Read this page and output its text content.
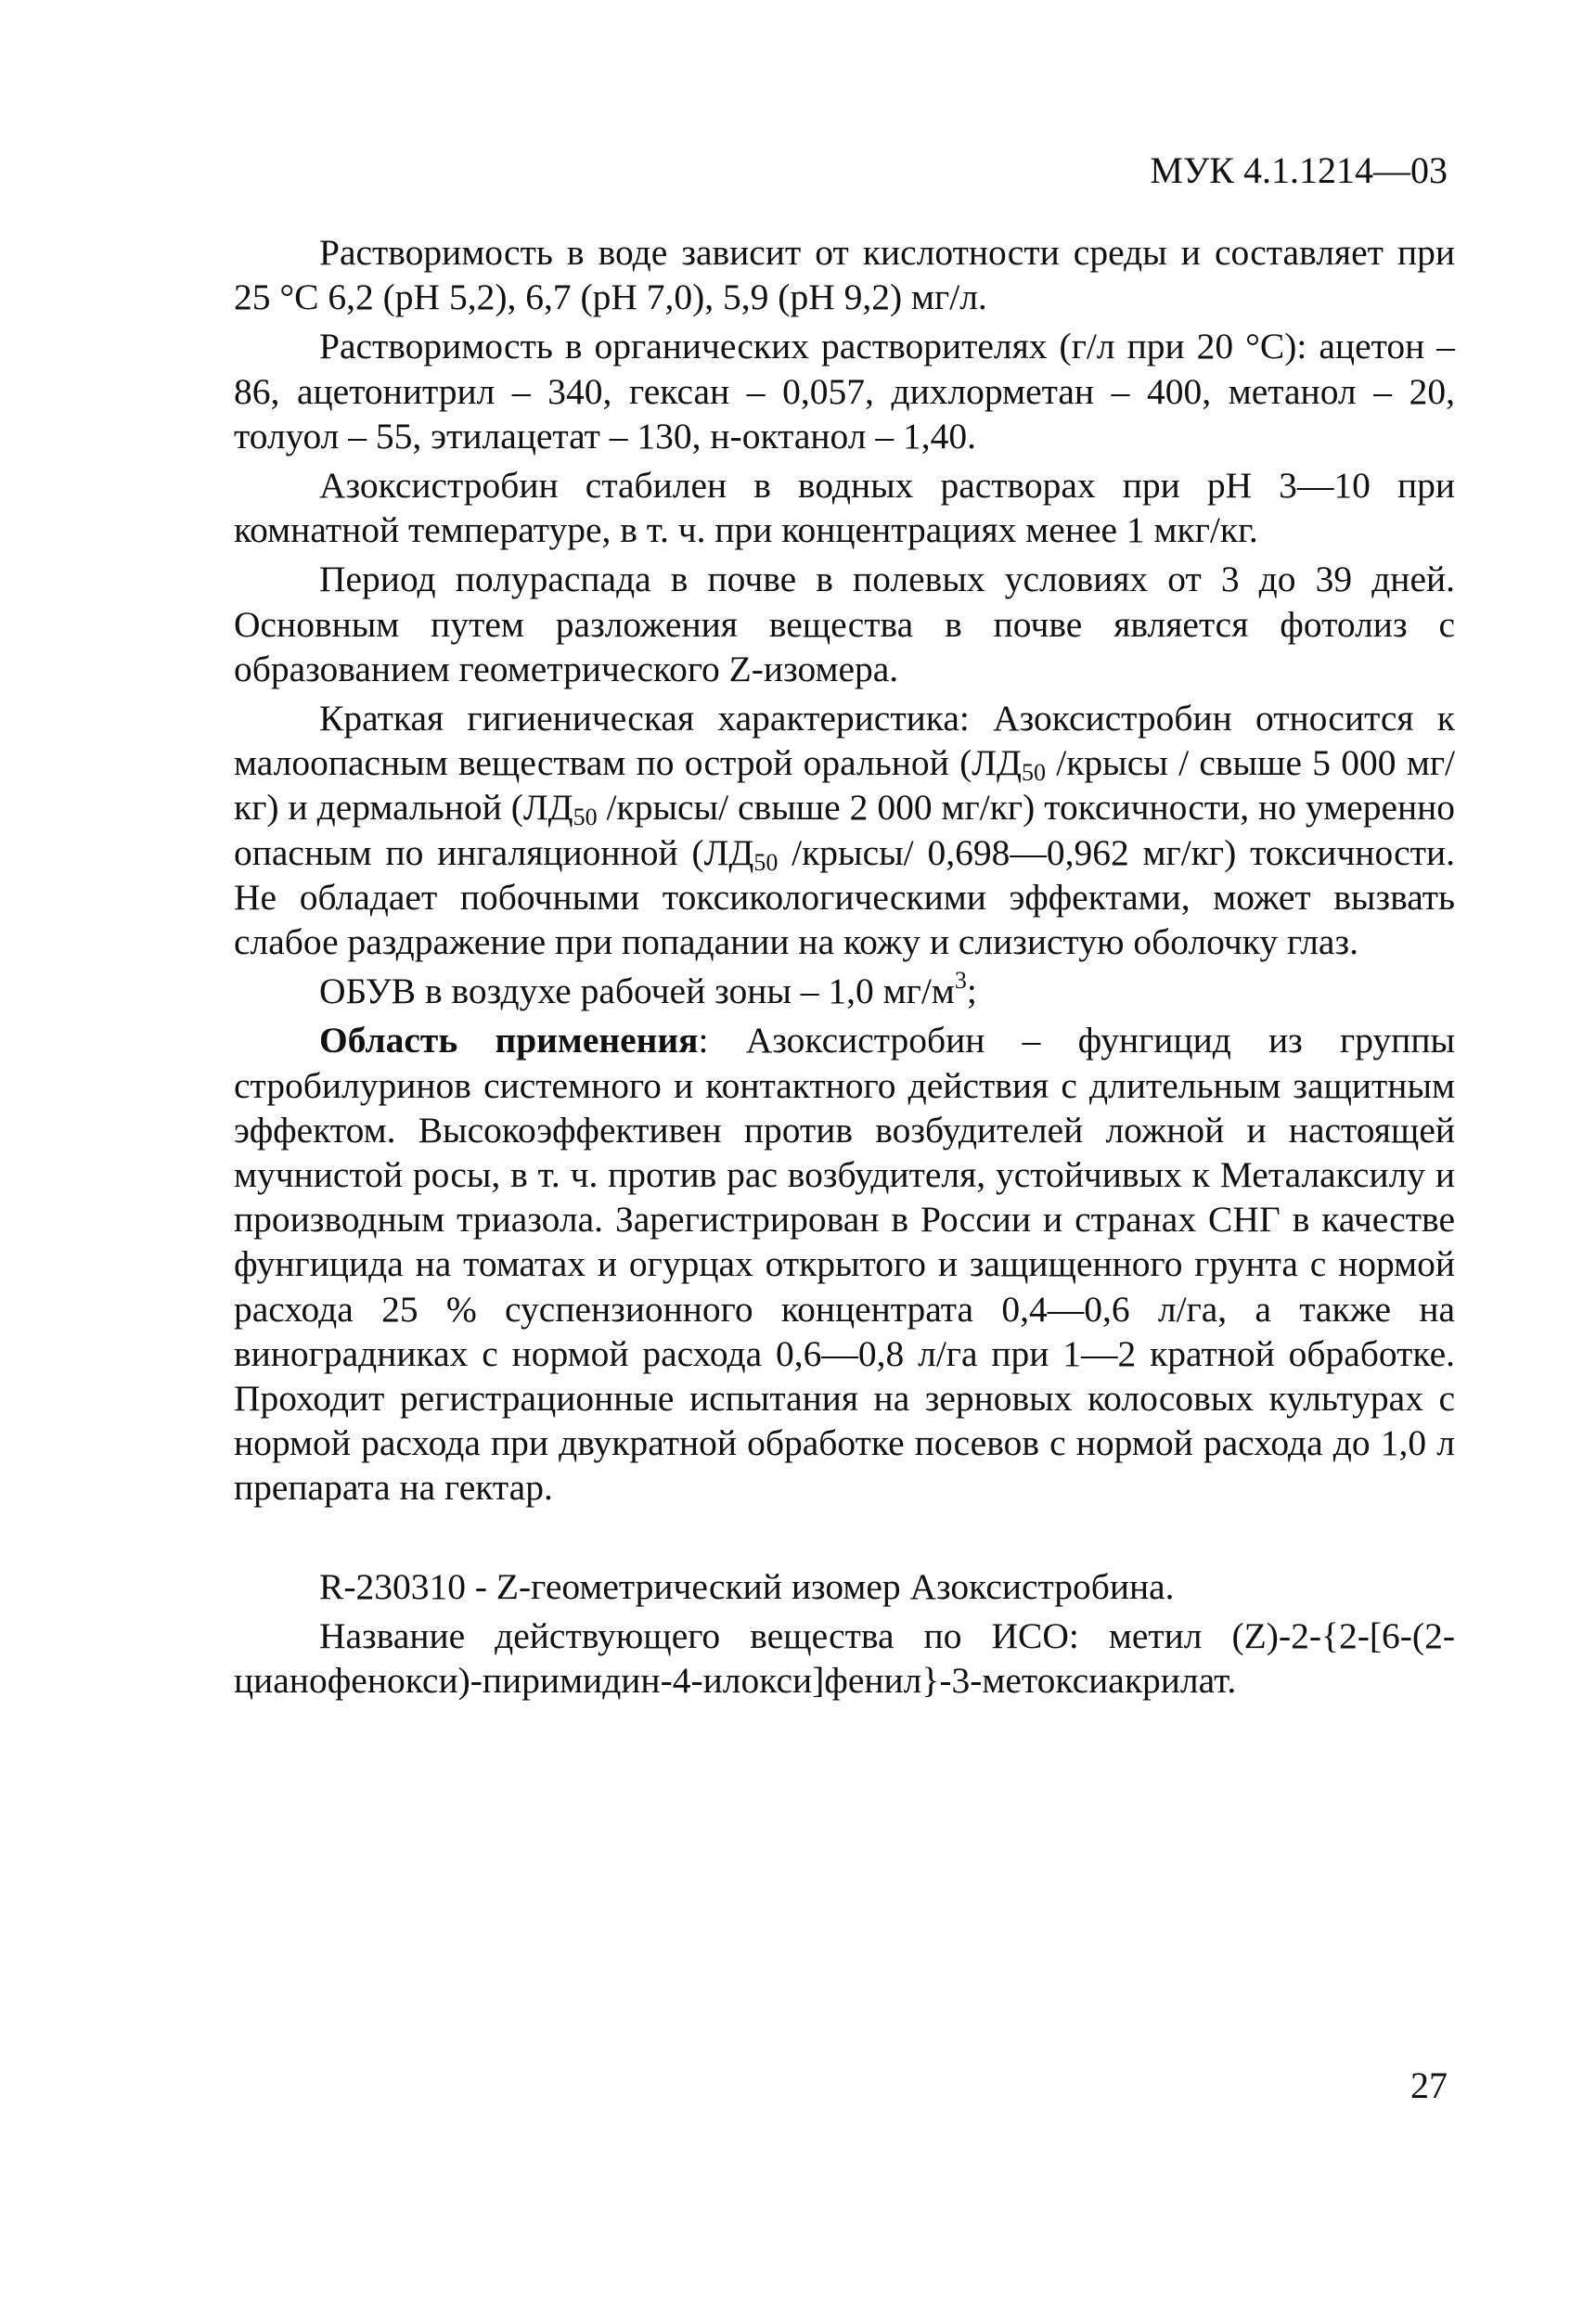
МУК 4.1.1214—03

Растворимость в воде зависит от кислотности среды и составляет при 25 °С 6,2 (pH 5,2), 6,7 (pH 7,0), 5,9 (pH 9,2) мг/л.

Растворимость в органических растворителях (г/л при 20 °С): ацетон – 86, ацетонитрил – 340, гексан – 0,057, дихлорметан – 400, метанол – 20, толуол – 55, этилацетат – 130, н-октанол – 1,40.

Азоксистробин стабилен в водных растворах при pH 3—10 при комнатной температуре, в т. ч. при концентрациях менее 1 мкг/кг.

Период полураспада в почве в полевых условиях от 3 до 39 дней. Основным путем разложения вещества в почве является фотолиз с образованием геометрического Z-изомера.

Краткая гигиеническая характеристика: Азоксистробин относится к малоопасным веществам по острой оральной ($ЛД_{50}$ /крысы / свыше 5 000 мг/кг) и дермальной ($ЛД_{50}$ /крысы/ свыше 2 000 мг/кг) токсичности, но умеренно опасным по ингаляционной ($ЛД_{50}$ /крысы/ 0,698—0,962 мг/кг) токсичности. Не обладает побочными токсикологическими эффектами, может вызвать слабое раздражение при попадании на кожу и слизистую оболочку глаз.

ОБУВ в воздухе рабочей зоны – 1,0 $мг/м^3$;

Область применения: Азоксистробин – фунгицид из группы стробилуринов системного и контактного действия с длительным защитным эффектом. Высокоэффективен против возбудителей ложной и настоящей мучнистой росы, в т. ч. против рас возбудителя, устойчивых к Металаксилу и производным триазола. Зарегистрирован в России и странах СНГ в качестве фунгицида на томатах и огурцах открытого и защищенного грунта с нормой расхода 25 % суспензионного концентрата 0,4—0,6 л/га, а также на виноградниках с нормой расхода 0,6—0,8 л/га при 1—2 кратной обработке. Проходит регистрационные испытания на зерновых колосовых культурах с нормой расхода при двукратной обработке посевов с нормой расхода до 1,0 л препарата на гектар.

R-230310 - Z-геометрический изомер Азоксистробина.

Название действующего вещества по ИСО: метил (Z)-2-{2-[6-(2-цианофенокси)-пиримидин-4-илокси]фенил}-3-метоксиакрилат.

27
